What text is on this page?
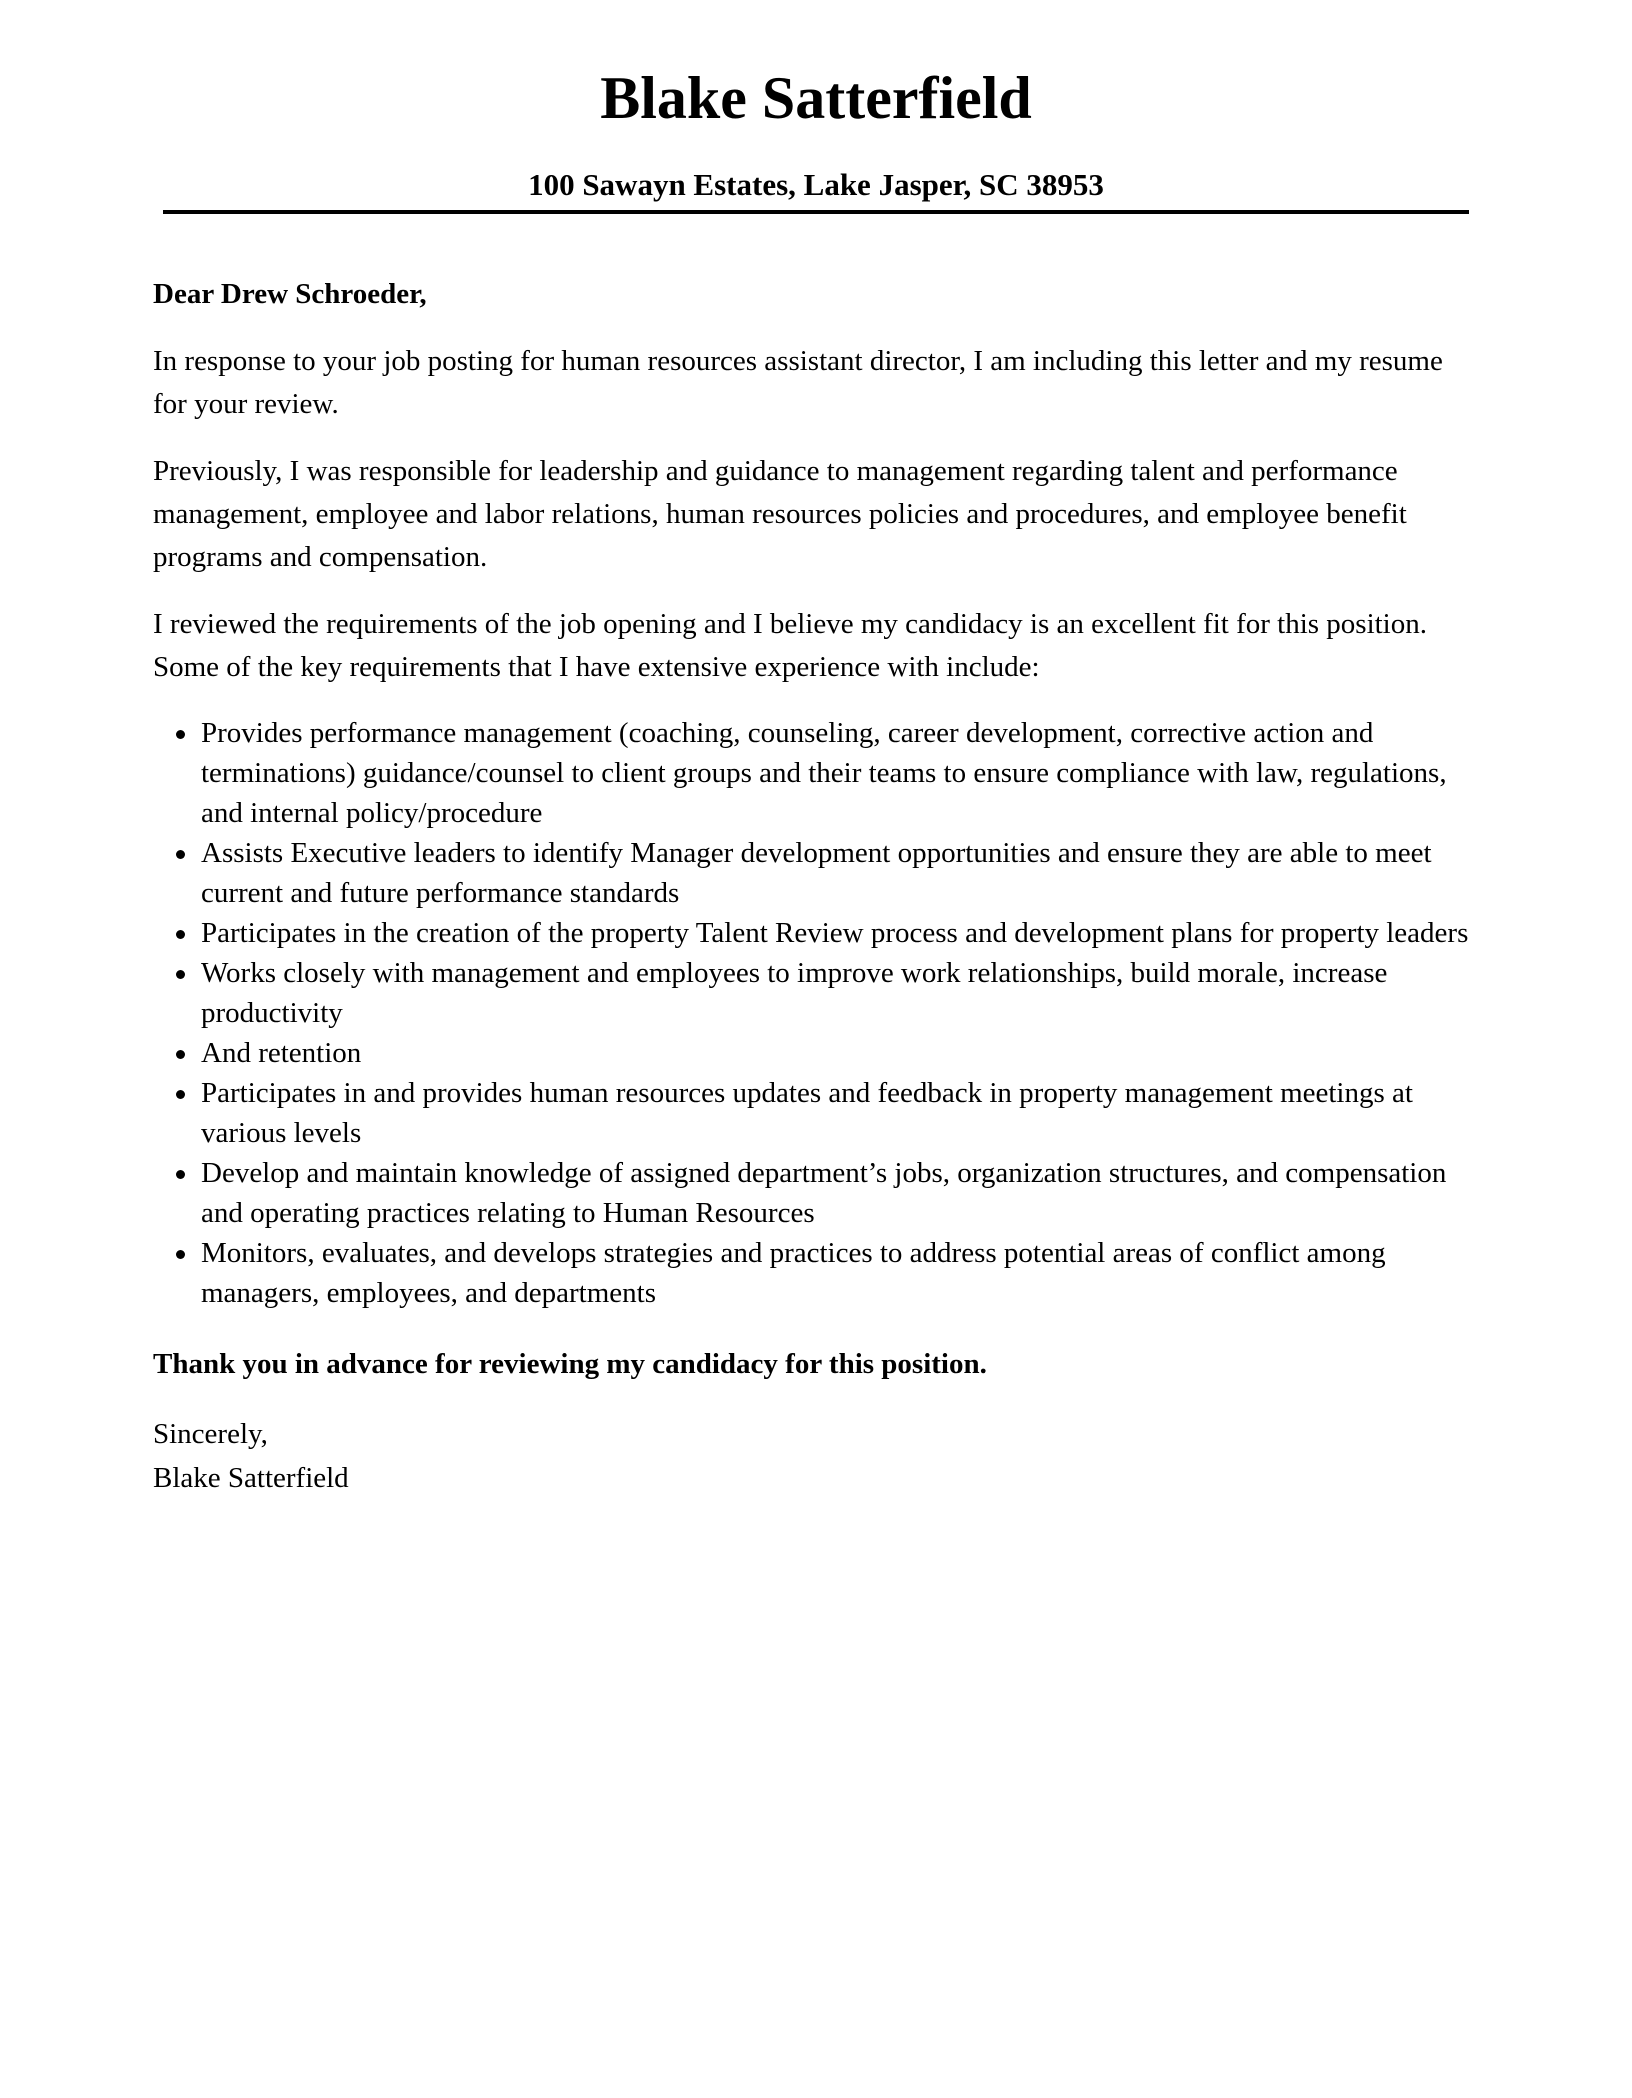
Blake Satterfield
100 Sawayn Estates, Lake Jasper, SC 38953

Dear Drew Schroeder,

In response to your job posting for human resources assistant director, I am including this letter and my resume for your review.

Previously, I was responsible for leadership and guidance to management regarding talent and performance management, employee and labor relations, human resources policies and procedures, and employee benefit programs and compensation.

I reviewed the requirements of the job opening and I believe my candidacy is an excellent fit for this position. Some of the key requirements that I have extensive experience with include:

Provides performance management (coaching, counseling, career development, corrective action and terminations) guidance/counsel to client groups and their teams to ensure compliance with law, regulations, and internal policy/procedure
Assists Executive leaders to identify Manager development opportunities and ensure they are able to meet current and future performance standards
Participates in the creation of the property Talent Review process and development plans for property leaders
Works closely with management and employees to improve work relationships, build morale, increase productivity
And retention
Participates in and provides human resources updates and feedback in property management meetings at various levels
Develop and maintain knowledge of assigned department’s jobs, organization structures, and compensation and operating practices relating to Human Resources
Monitors, evaluates, and develops strategies and practices to address potential areas of conflict among managers, employees, and departments

Thank you in advance for reviewing my candidacy for this position.

Sincerely,

Blake Satterfield
